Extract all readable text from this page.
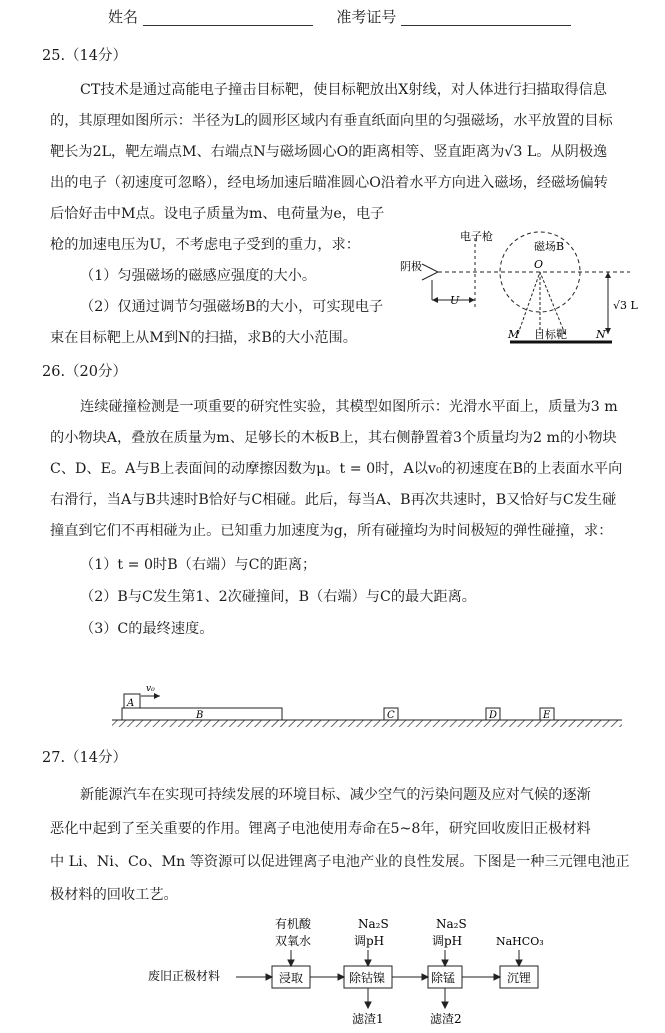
姓名	准考证号
25.（14分）
CT技术是通过高能电子撞击目标靶，使目标靶放出X射线，对人体进行扫描取得信息
的，其原理如图所示：半径为L的圆形区域内有垂直纸面向里的匀强磁场，水平放置的目标
靶长为2L，靶左端点M、右端点N与磁场圆心O的距离相等、竖直距离为√3 L。从阴极逸
出的电子（初速度可忽略），经电场加速后瞄准圆心O沿着水平方向进入磁场，经磁场偏转
后恰好击中M点。设电子质量为m、电荷量为e，电子
枪的加速电压为U，不考虑电子受到的重力，求：
（1）匀强磁场的磁感应强度的大小。
（2）仅通过调节匀强磁场B的大小，可实现电子
束在目标靶上从M到N的扫描，求B的大小范围。
电子枪
阴极
磁场B
O
U	√3 L
M	N
目标靶
26.（20分）
连续碰撞检测是一项重要的研究性实验，其模型如图所示：光滑水平面上，质量为3 m
的小物块A，叠放在质量为m、足够长的木板B上，其右侧静置着3个质量均为2 m的小物块
C、D、E。A与B上表面间的动摩擦因数为μ。t = 0时，A以v₀的初速度在B的上表面水平向
右滑行，当A与B共速时B恰好与C相碰。此后，每当A、B再次共速时，B又恰好与C发生碰
撞直到它们不再相碰为止。已知重力加速度为g，所有碰撞均为时间极短的弹性碰撞，求：
（1）t = 0时B（右端）与C的距离；
（2）B与C发生第1、2次碰撞间，B（右端）与C的最大距离。
（3）C的最终速度。
A
B	C	D	E
v₀
27.（14分）
新能源汽车在实现可持续发展的环境目标、减少空气的污染问题及应对气候的逐渐
恶化中起到了至关重要的作用。锂离子电池使用寿命在5~8年，研究回收废旧正极材料
中 Li、Ni、Co、Mn 等资源可以促进锂离子电池产业的良性发展。下图是一种三元锂电池正
极材料的回收工艺。
有机酸
双氧水
Na₂S
调pH
Na₂S
调pH	NaHCO₃
废旧正极材料	浸取	除钴镍	除锰	沉锂
滤渣1	滤渣2
